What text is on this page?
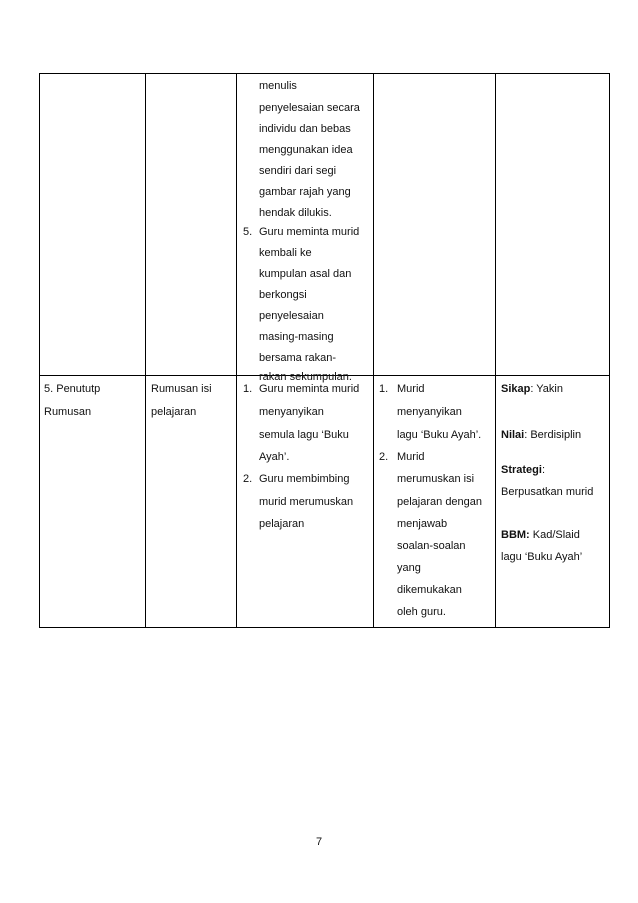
menulis
penyelesaian secara
individu dan bebas
menggunakan idea
sendiri dari segi
gambar rajah yang
hendak dilukis.
5. Guru meminta murid
kembali ke
kumpulan asal dan
berkongsi
penyelesaian
masing-masing
bersama rakan-
rakan sekumpulan.
5. Penututp
Rumusan
Rumusan isi
pelajaran
1. Guru meminta murid
menyanyikan
semula lagu ‘Buku
Ayah’.
2. Guru membimbing
murid merumuskan
pelajaran
1. Murid
menyanyikan
lagu ‘Buku Ayah’.
2. Murid
merumuskan isi
pelajaran dengan
menjawab
soalan-soalan
yang
dikemukakan
oleh guru.
Sikap: Yakin
Nilai: Berdisiplin
Strategi:
Berpusatkan murid
BBM: Kad/Slaid
lagu ‘Buku Ayah’
7
